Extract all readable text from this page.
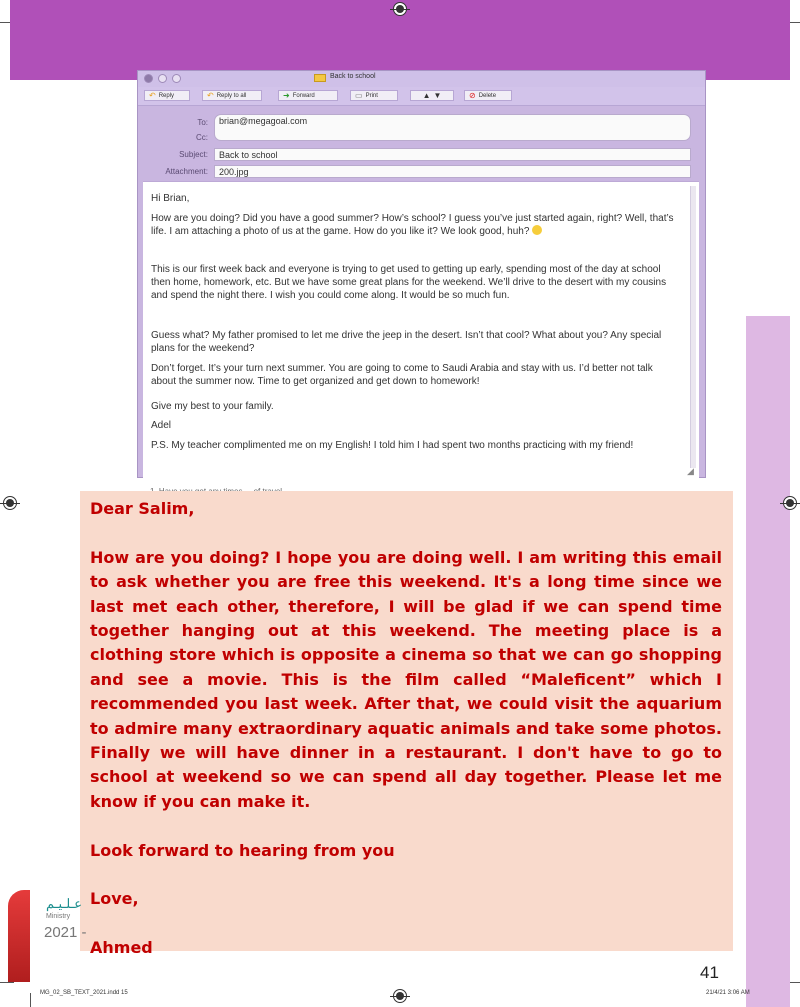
Back to school
↶ Reply	↶ Reply to all	➜ Forward	▭ Print	▲ ▼	⊘ Delete
To:	brian@megagoal.com
Cc:
Subject:	Back to school
Attachment:	200.jpg

Hi Brian,

How are you doing? Did you have a good summer? How’s school? I guess you’ve just started again, right? Well, that’s life. I am attaching a photo of us at the game. How do you like it? We look good, huh?

This is our first week back and everyone is trying to get used to getting up early, spending most of the day at school then home, homework, etc. But we have some great plans for the weekend. We’ll drive to the desert with my cousins and spend the night there. I wish you could come along. It would be so much fun.

Guess what? My father promised to let me drive the jeep in the desert. Isn’t that cool? What about you? Any special plans for the weekend?

Don’t forget. It’s your turn next summer. You are going to come to Saudi Arabia and stay with us. I’d better not talk about the summer now. Time to get organized and get down to homework!

Give my best to your family.

Adel

P.S. My teacher complimented me on my English! I told him I had spent two months practicing with my friend!

◢

Dear Salim,

How are you doing? I hope you are doing well. I am writing this email to ask whether you are free this weekend. It's a long time since we last met each other, therefore, I will be glad if we can spend time together hanging out at this weekend. The meeting place is a clothing store which is opposite a cinema so that we can go shopping and see a movie. This is the film called “Maleficent” which I recommended you last week. After that, we could visit the aquarium to admire many extraordinary aquatic animals and take some photos. Finally we will have dinner in a restaurant. I don't have to go to school at weekend so we can spend all day together. Please let me know if you can make it.

Look forward to hearing from you

Love,

Ahmed

عـلـيـم
Ministry
2021 -
41
MG_02_SB_TEXT_2021.indd 15	21/4/21 3:06 AM
